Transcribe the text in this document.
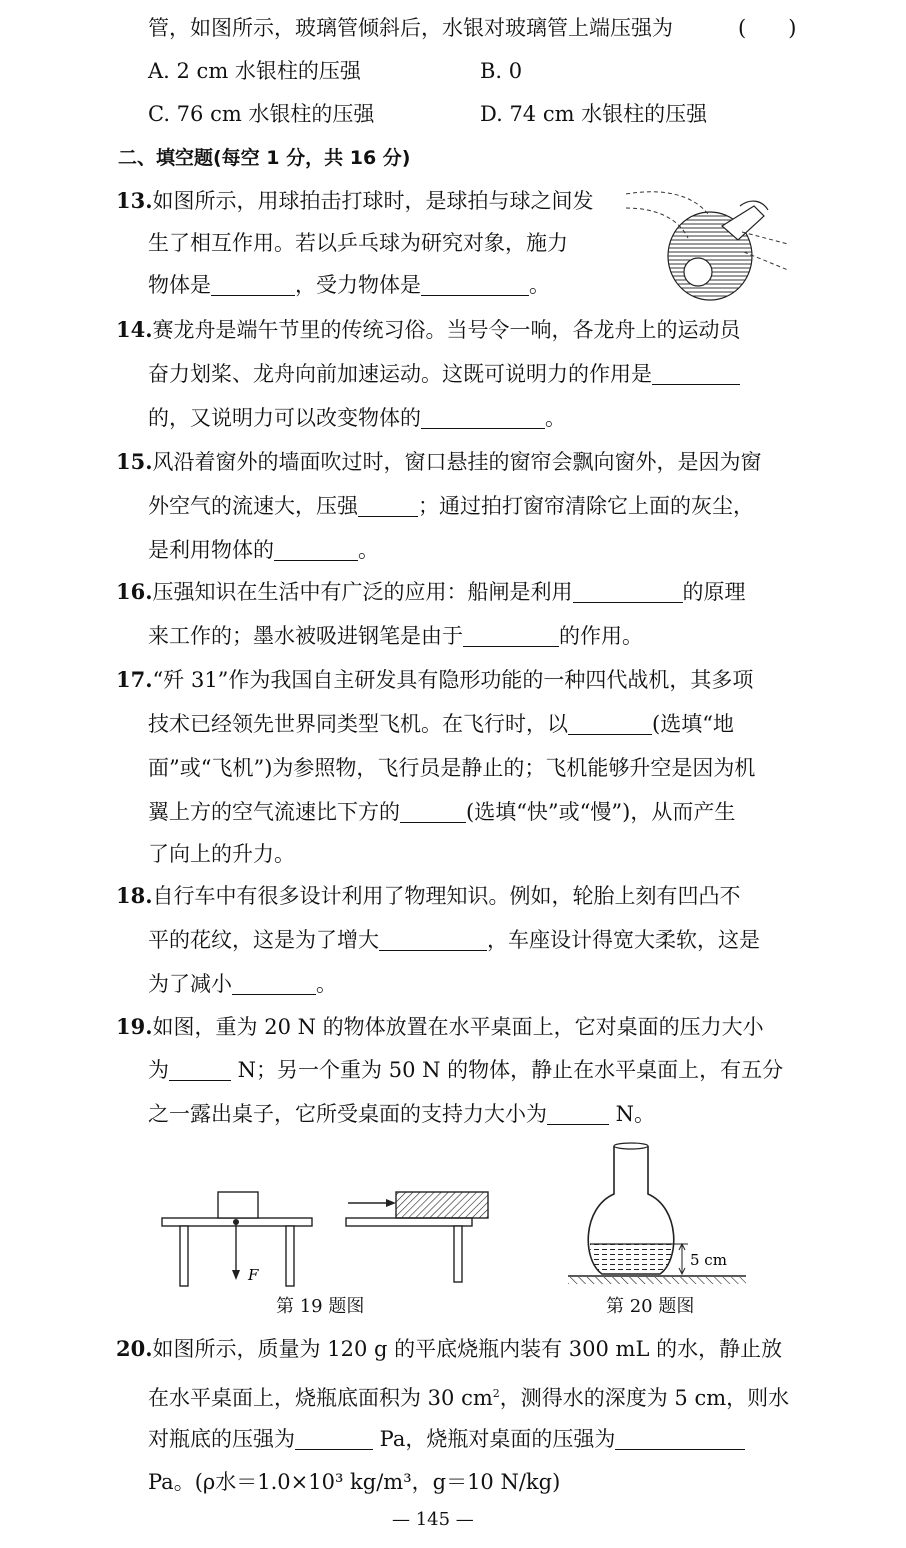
管，如图所示，玻璃管倾斜后，水银对玻璃管上端压强为	(　　)
A. 2 cm 水银柱的压强	B. 0
C. 76 cm 水银柱的压强	D. 74 cm 水银柱的压强
二、填空题(每空 1 分，共 16 分)
13.如图所示，用球拍击打球时，是球拍与球之间发
生了相互作用。若以乒乓球为研究对象，施力
物体是	，受力物体是	。
14.赛龙舟是端午节里的传统习俗。当号令一响，各龙舟上的运动员
奋力划桨、龙舟向前加速运动。这既可说明力的作用是
的，又说明力可以改变物体的	。
15.风沿着窗外的墙面吹过时，窗口悬挂的窗帘会飘向窗外，是因为窗
外空气的流速大，压强	；通过拍打窗帘清除它上面的灰尘，
是利用物体的	。
16.压强知识在生活中有广泛的应用：船闸是利用	的原理
来工作的；墨水被吸进钢笔是由于	的作用。
17.“歼 31”作为我国自主研发具有隐形功能的一种四代战机，其多项
技术已经领先世界同类型飞机。在飞行时，以	(选填“地
面”或“飞机”)为参照物，飞行员是静止的；飞机能够升空是因为机
翼上方的空气流速比下方的	(选填“快”或“慢”)，从而产生
了向上的升力。
18.自行车中有很多设计利用了物理知识。例如，轮胎上刻有凹凸不
平的花纹，这是为了增大	，车座设计得宽大柔软，这是
为了减小	。
19.如图，重为 20 N 的物体放置在水平桌面上，它对桌面的压力大小
为	N；另一个重为 50 N 的物体，静止在水平桌面上，有五分
之一露出桌子，它所受桌面的支持力大小为	N。
F
第 19 题图
5 cm
第 20 题图
20.如图所示，质量为 120 g 的平底烧瓶内装有 300 mL 的水，静止放
在水平桌面上，烧瓶底面积为 30 $cm^2$，测得水的深度为 5 cm，则水
对瓶底的压强为	Pa，烧瓶对桌面的压强为
Pa。(ρ水＝1.0×10³ kg/m³，g＝10 N/kg)
— 145 —
